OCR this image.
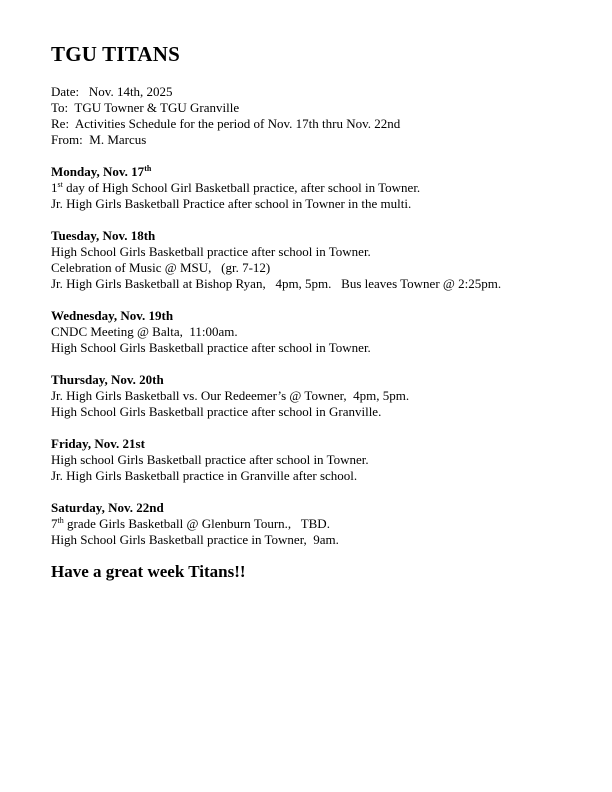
TGU TITANS
Date:   Nov. 14th, 2025
To:  TGU Towner & TGU Granville
Re:  Activities Schedule for the period of Nov. 17th thru Nov. 22nd
From:  M. Marcus
Monday, Nov. 17th
1st day of High School Girl Basketball practice, after school in Towner.
Jr. High Girls Basketball Practice after school in Towner in the multi.
Tuesday, Nov. 18th
High School Girls Basketball practice after school in Towner.
Celebration of Music @ MSU,   (gr. 7-12)
Jr. High Girls Basketball at Bishop Ryan,   4pm, 5pm.   Bus leaves Towner @ 2:25pm.
Wednesday, Nov. 19th
CNDC Meeting @ Balta,  11:00am.
High School Girls Basketball practice after school in Towner.
Thursday, Nov. 20th
Jr. High Girls Basketball vs. Our Redeemer’s @ Towner,  4pm, 5pm.
High School Girls Basketball practice after school in Granville.
Friday, Nov. 21st
High school Girls Basketball practice after school in Towner.
Jr. High Girls Basketball practice in Granville after school.
Saturday, Nov. 22nd
7th grade Girls Basketball @ Glenburn Tourn.,   TBD.
High School Girls Basketball practice in Towner,  9am.
Have a great week Titans!!
